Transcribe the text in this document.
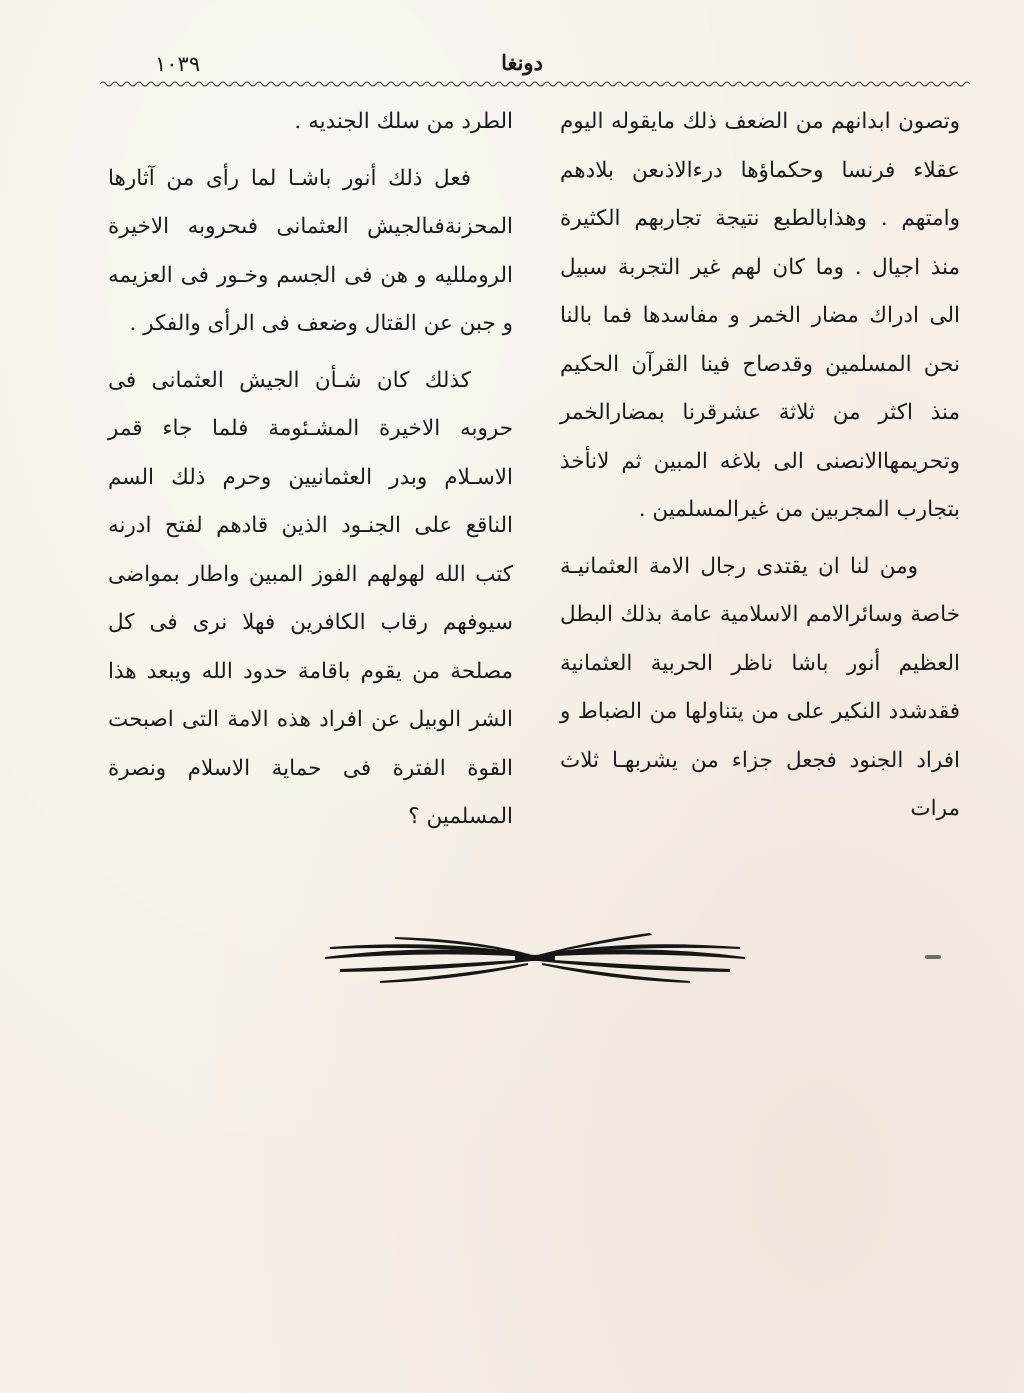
١٠٣٩	دونغا

وتصون ابدانهم من الضعف ذلك مايقوله اليوم عقلاء فرنسا وحكماؤها درءالاذىعن بلادهم وامتهم . وهذابالطبع نتيجة تجاربهم الكثيرة منذ اجيال . وما كان لهم غير التجربة سبيل الى ادراك مضار الخمر و مفاسدها فما بالنا نحن المسلمين وقدصاح فينا القرآن الحكيم منذ اكثر من ثلاثة عشرقرنا بمضارالخمر وتحريمهاالانصنى الى بلاغه المبين ثم لانأخذ بتجارب المجربين من غيرالمسلمين .

ومن لنا ان يقتدى رجال الامة العثمانيـة خاصة وسائرالامم الاسلامية عامة بذلك البطل العظيم أنور باشا ناظر الحربية العثمانية فقدشدد النكير على من يتناولها من الضباط و افراد الجنود فجعل جزاء من يشربهـا ثلاث مرات

الطرد من سلك الجنديه .

فعل ذلك أنور باشـا لما رأى من آثارها المحزنةفىالجيش العثمانى فىحروبه الاخيرة الروملليه و هن فى الجسم وخـور فى العزيمه و جبن عن القتال وضعف فى الرأى والفكر .

كذلك كان شـأن الجيش العثمانى فى حروبه الاخيرة المشـئومة فلما جاء قمر الاسـلام وبدر العثمانيين وحرم ذلك السم الناقع على الجنـود الذين قادهم لفتح ادرنه كتب الله لهولهم الفوز المبين واطار بمواضى سيوفهم رقاب الكافرين فهلا نرى فى كل مصلحة من يقوم باقامة حدود الله ويبعد هذا الشر الوبيل عن افراد هذه الامة التى اصبحت القوة الفترة فى حماية الاسلام ونصرة المسلمين ؟
